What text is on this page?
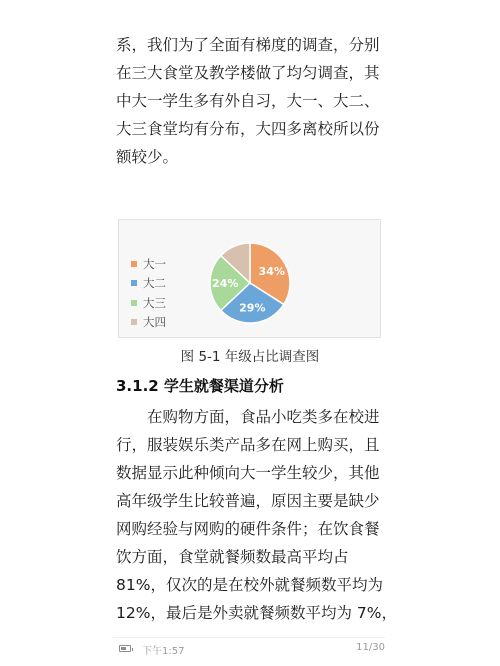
系，我们为了全面有梯度的调查，分别

在三大食堂及教学楼做了均匀调查，其

中大一学生多有外自习，大一、大二、

大三食堂均有分布，大四多离校所以份

额较少。

大一
大二
大三
大四
34%
29%
24%
图 5-1 年级占比调查图
3.1.2 学生就餐渠道分析

在购物方面，食品小吃类多在校进

行，服装娱乐类产品多在网上购买，且

数据显示此种倾向大一学生较少，其他

高年级学生比较普遍，原因主要是缺少

网购经验与网购的硬件条件；在饮食餐

饮方面，食堂就餐频数最高平均占

81%，仅次的是在校外就餐频数平均为

12%，最后是外卖就餐频数平均为 7%，

下午1:57	11/30
